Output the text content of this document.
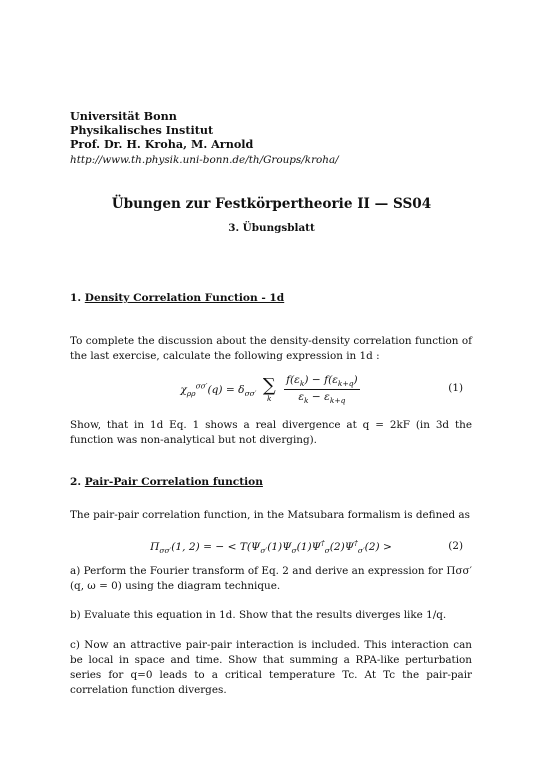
Universität Bonn
Physikalisches Institut
Prof. Dr. H. Kroha, M. Arnold
http://www.th.physik.uni-bonn.de/th/Groups/kroha/
Übungen zur Festkörpertheorie II — SS04
3. Übungsblatt
1. Density Correlation Function - 1d
To complete the discussion about the density-density correlation function of the last exercise, calculate the following expression in 1d :
$\chi_{\rho\rho}^{\sigma\sigma'}(q) = \delta_{\sigma\sigma'}$ ∑
k
$\frac{f(\varepsilon_k) - f(\varepsilon_{k+q})}{\varepsilon_k - \varepsilon_{k+q}}$	(1)
Show, that in 1d Eq. 1 shows a real divergence at q = 2kF (in 3d the function was non-analytical but not diverging).
2. Pair-Pair Correlation function
The pair-pair correlation function, in the Matsubara formalism is defined as
$\Pi_{\sigma\sigma'}(1$, 2) = − < $T(\Psi_{\sigma'}(1)\Psi_\sigma(1)\Psi^\dagger_\sigma(2)\Psi^\dagger_{\sigma'}(2)$ >	(2)
a) Perform the Fourier transform of Eq. 2 and derive an expression for Πσσ′(q, ω = 0) using the diagram technique.
b) Evaluate this equation in 1d. Show that the results diverges like 1/q.
c) Now an attractive pair-pair interaction is included. This interaction can be local in space and time. Show that summing a RPA-like perturbation series for q=0 leads to a critical temperature Tc. At Tc the pair-pair correlation function diverges.
